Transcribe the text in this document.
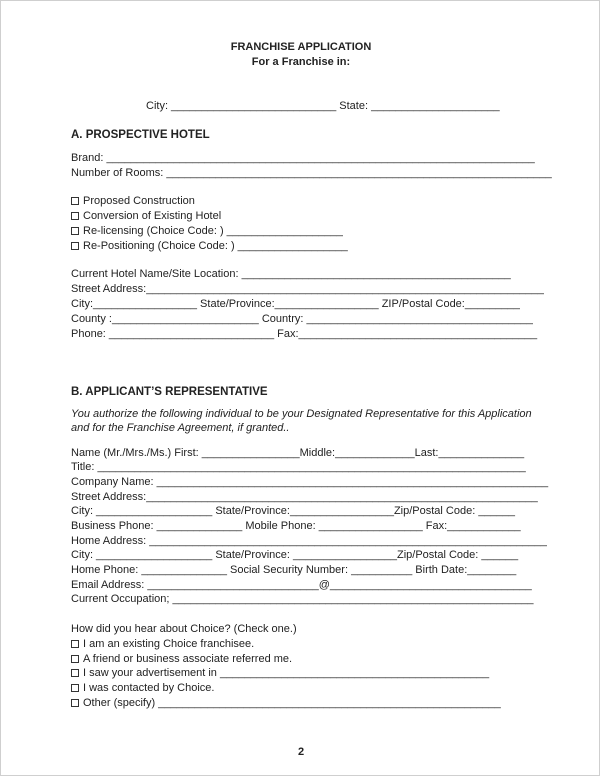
FRANCHISE APPLICATION
For a Franchise in:
City: ___________________________ State: _____________________
A. PROSPECTIVE HOTEL
Brand: ______________________________________________________________________
Number of Rooms: _______________________________________________________________
Proposed Construction
Conversion of Existing Hotel
Re-licensing (Choice Code: ) ___________________
Re-Positioning (Choice Code: ) __________________
Current Hotel Name/Site Location: ____________________________________________
Street Address:_________________________________________________________________
City:_________________ State/Province:_________________ ZIP/Postal Code:_________
County :________________________ Country: _____________________________________
Phone: ___________________________ Fax:_______________________________________
B. APPLICANT’S REPRESENTATIVE
You authorize the following individual to be your Designated Representative for this Application
and for the Franchise Agreement, if granted..
Name (Mr./Mrs./Ms.) First: ________________Middle:_____________Last:______________
Title: ______________________________________________________________________
Company Name: ________________________________________________________________
Street Address:________________________________________________________________
City: ___________________ State/Province:_________________Zip/Postal Code: ______
Business Phone: ______________ Mobile Phone: _________________ Fax:____________
Home Address: _________________________________________________________________
City: ___________________ State/Province: _________________Zip/Postal Code: ______
Home Phone: ______________ Social Security Number: __________ Birth Date:________
Email Address: ____________________________@_________________________________
Current Occupation; ___________________________________________________________
How did you hear about Choice? (Check one.)
I am an existing Choice franchisee.
A friend or business associate referred me.
I saw your advertisement in ____________________________________________
I was contacted by Choice.
Other (specify) ________________________________________________________
2
